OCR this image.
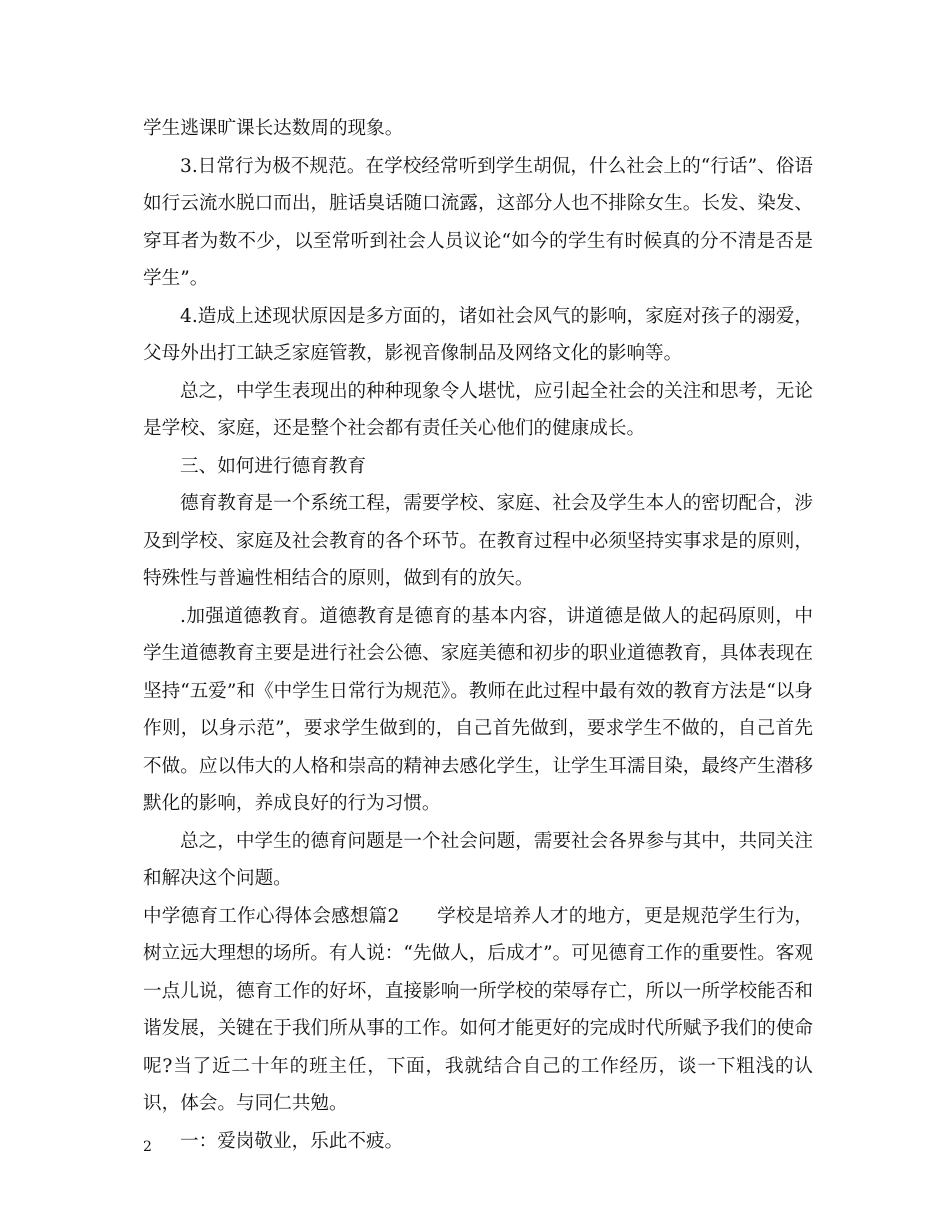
学生逃课旷课长达数周的现象。

3.日常行为极不规范。在学校经常听到学生胡侃，什么社会上的“行话”、俗语如行云流水脱口而出，脏话臭话随口流露，这部分人也不排除女生。长发、染发、穿耳者为数不少，以至常听到社会人员议论“如今的学生有时候真的分不清是否是学生”。

4.造成上述现状原因是多方面的，诸如社会风气的影响，家庭对孩子的溺爱，父母外出打工缺乏家庭管教，影视音像制品及网络文化的影响等。

总之，中学生表现出的种种现象令人堪忧，应引起全社会的关注和思考，无论是学校、家庭，还是整个社会都有责任关心他们的健康成长。

三、如何进行德育教育

德育教育是一个系统工程，需要学校、家庭、社会及学生本人的密切配合，涉及到学校、家庭及社会教育的各个环节。在教育过程中必须坚持实事求是的原则，特殊性与普遍性相结合的原则，做到有的放矢。

.加强道德教育。道德教育是德育的基本内容，讲道德是做人的起码原则，中学生道德教育主要是进行社会公德、家庭美德和初步的职业道德教育，具体表现在坚持“五爱”和《中学生日常行为规范》。教师在此过程中最有效的教育方法是“以身作则，以身示范”，要求学生做到的，自己首先做到，要求学生不做的，自己首先不做。应以伟大的人格和崇高的精神去感化学生，让学生耳濡目染，最终产生潜移默化的影响，养成良好的行为习惯。

总之，中学生的德育问题是一个社会问题，需要社会各界参与其中，共同关注和解决这个问题。

中学德育工作心得体会感想篇2　　学校是培养人才的地方，更是规范学生行为，树立远大理想的场所。有人说：“先做人，后成才”。可见德育工作的重要性。客观一点儿说，德育工作的好坏，直接影响一所学校的荣辱存亡，所以一所学校能否和谐发展，关键在于我们所从事的工作。如何才能更好的完成时代所赋予我们的使命呢?当了近二十年的班主任，下面，我就结合自己的工作经历，谈一下粗浅的认识，体会。与同仁共勉。

一：爱岗敬业，乐此不疲。

2
